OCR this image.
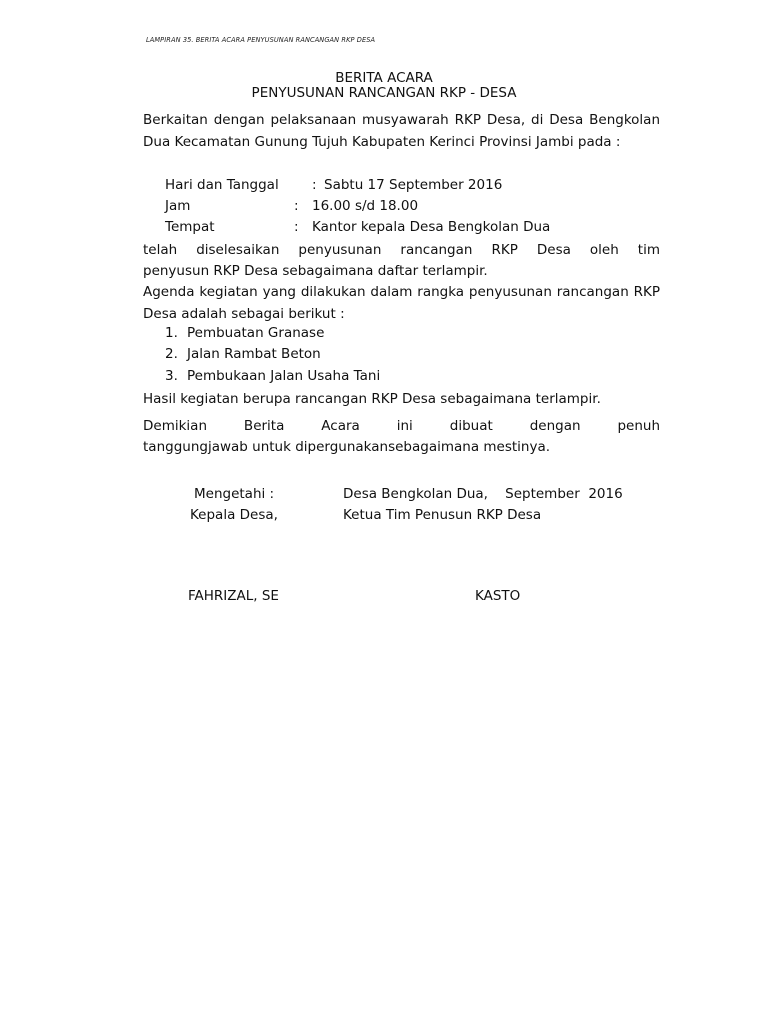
LAMPIRAN 35. BERITA ACARA PENYUSUNAN RANCANGAN RKP DESA
BERITA ACARA
PENYUSUNAN RANCANGAN RKP - DESA
Berkaitan dengan pelaksanaan musyawarah RKP Desa, di Desa Bengkolan Dua Kecamatan Gunung Tujuh Kabupaten Kerinci Provinsi Jambi pada :
Hari dan Tanggal : Sabtu 17 September 2016
Jam	: 16.00 s/d 18.00
Tempat	: Kantor kepala Desa Bengkolan Dua
telah diselesaikan penyusunan rancangan RKP Desa oleh tim
penyusun RKP Desa sebagaimana daftar terlampir.
Agenda kegiatan yang dilakukan dalam rangka penyusunan rancangan RKP Desa adalah sebagai berikut :
1. Pembuatan Granase
2. Jalan Rambat Beton
3. Pembukaan Jalan Usaha Tani
Hasil kegiatan berupa rancangan RKP Desa sebagaimana terlampir.
Demikian Berita Acara ini dibuat dengan penuh
tanggungjawab untuk dipergunakansebagaimana mestinya.
Mengetahi :	Desa Bengkolan Dua,    September  2016
Kepala Desa,	Ketua Tim Penusun RKP Desa
FAHRIZAL, SE	KASTO
